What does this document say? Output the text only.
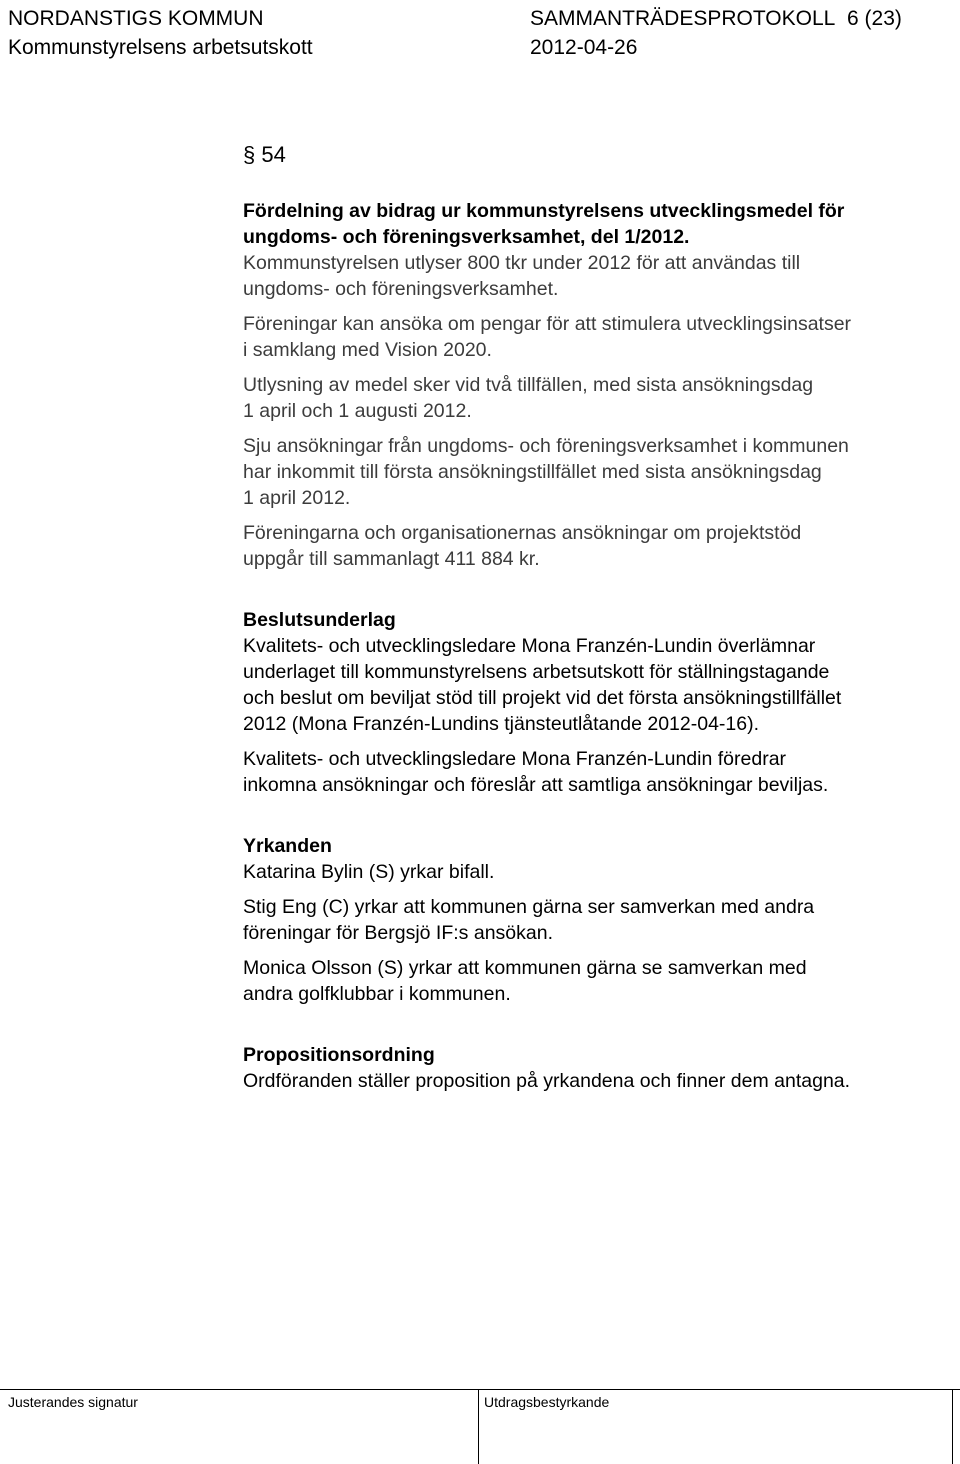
NORDANSTIGS KOMMUN
Kommunstyrelsens arbetsutskott
SAMMANTRÄDESPROTOKOLL 6 (23)
2012-04-26
§ 54

Fördelning av bidrag ur kommunstyrelsens utvecklingsmedel för
ungdoms- och föreningsverksamhet, del 1/2012.

Kommunstyrelsen utlyser 800 tkr under 2012 för att användas till
ungdoms- och föreningsverksamhet.

Föreningar kan ansöka om pengar för att stimulera utvecklingsinsatser
i samklang med Vision 2020.

Utlysning av medel sker vid två tillfällen, med sista ansökningsdag
1 april och 1 augusti 2012.

Sju ansökningar från ungdoms- och föreningsverksamhet i kommunen
har inkommit till första ansökningstillfället med sista ansökningsdag
1 april 2012.

Föreningarna och organisationernas ansökningar om projektstöd
uppgår till sammanlagt 411 884 kr.

Beslutsunderlag

Kvalitets- och utvecklingsledare Mona Franzén-Lundin överlämnar
underlaget till kommunstyrelsens arbetsutskott för ställningstagande
och beslut om beviljat stöd till projekt vid det första ansökningstillfället
2012 (Mona Franzén-Lundins tjänsteutlåtande 2012-04-16).

Kvalitets- och utvecklingsledare Mona Franzén-Lundin föredrar
inkomna ansökningar och föreslår att samtliga ansökningar beviljas.

Yrkanden

Katarina Bylin (S) yrkar bifall.

Stig Eng (C) yrkar att kommunen gärna ser samverkan med andra
föreningar för Bergsjö IF:s ansökan.

Monica Olsson (S) yrkar att kommunen gärna se samverkan med
andra golfklubbar i kommunen.

Propositionsordning

Ordföranden ställer proposition på yrkandena och finner dem antagna.

Justerandes signatur	Utdragsbestyrkande
